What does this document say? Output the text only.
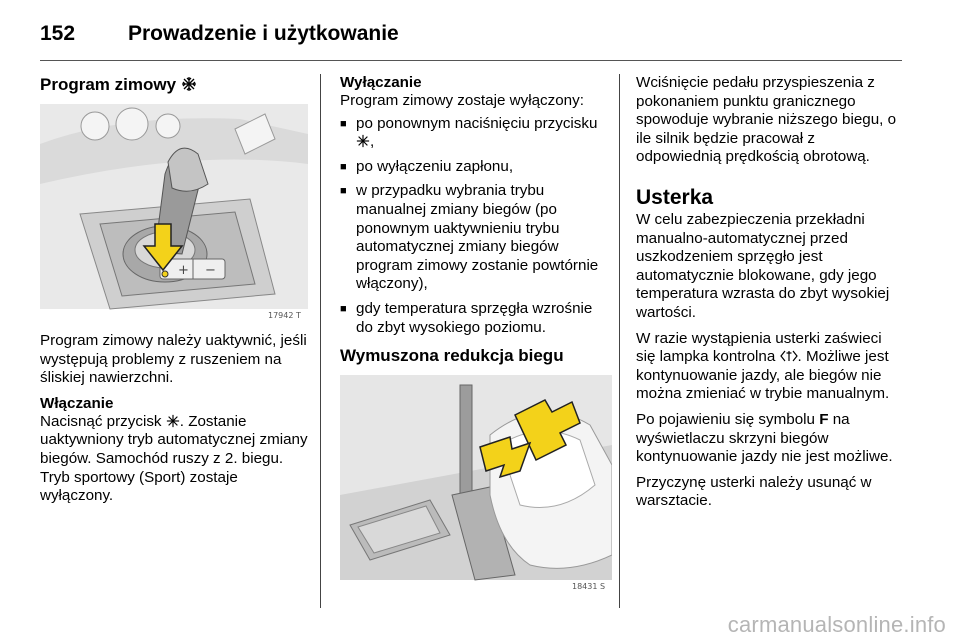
152	Prowadzenie i użytkowanie
Program zimowy
+ −
17942 T

Program zimowy należy uaktywnić, jeśli występują problemy z ruszeniem na śliskiej nawierzchni.

Włączanie

Nacisnąć przycisk . Zostanie uaktywniony tryb automatycznej zmiany biegów. Samochód ruszy z 2. biegu. Tryb sportowy (Sport) zostaje wyłączony.

Wyłączanie

Program zimowy zostaje wyłączony:

■ po ponownym naciśnięciu przycisku ,
■ po wyłączeniu zapłonu,
■ w przypadku wybrania trybu manualnej zmiany biegów (po ponownym uaktywnieniu trybu automatycznej zmiany biegów program zimowy zostanie powtórnie włączony),
■ gdy temperatura sprzęgła wzrośnie do zbyt wysokiego poziomu.
Wymuszona redukcja biegu
18431 S

Wciśnięcie pedału przyspieszenia z pokonaniem punktu granicznego spowoduje wybranie niższego biegu, o ile silnik będzie pracował z odpowiednią prędkością obrotową.

Usterka

W celu zabezpieczenia przekładni manualno-automatycznej przed uszkodzeniem sprzęgło jest automatycznie blokowane, gdy jego temperatura wzrasta do zbyt wysokiej wartości.

W razie wystąpienia usterki zaświeci się lampka kontrolna . Możliwe jest kontynuowanie jazdy, ale biegów nie można zmieniać w trybie manualnym.

Po pojawieniu się symbolu F na wyświetlaczu skrzyni biegów kontynuowanie jazdy nie jest możliwe.

Przyczynę usterki należy usunąć w warsztacie.

carmanualsonline.info
